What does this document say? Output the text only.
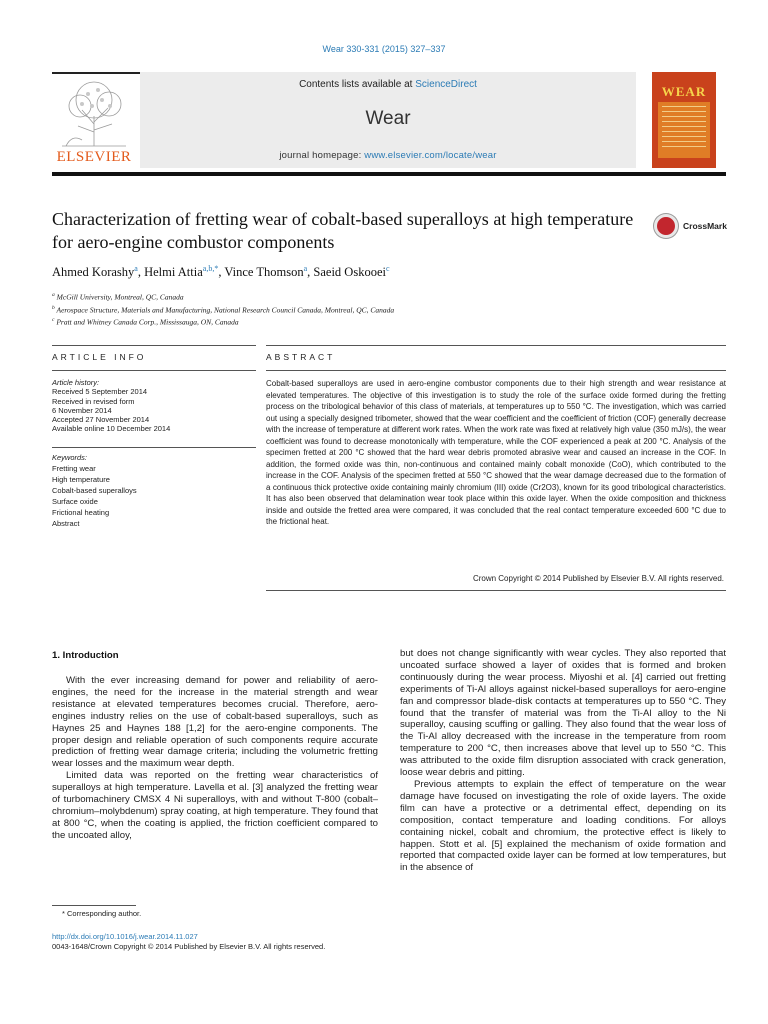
Wear 330-331 (2015) 327–337
ELSEVIER
Contents lists available at ScienceDirect
Wear
journal homepage: www.elsevier.com/locate/wear
WEAR
Characterization of fretting wear of cobalt-based superalloys at high temperature for aero-engine combustor components
CrossMark
Ahmed Korashy$^a$, Helmi Attia$^{a,b,*}$, Vince Thomson$^a$, Saeid Oskooei$^c$
$^a$ McGill University, Montreal, QC, Canada
$^b$ Aerospace Structure, Materials and Manufacturing, National Research Council Canada, Montreal, QC, Canada
$^c$ Pratt and Whitney Canada Corp., Mississauga, ON, Canada
ARTICLE INFO	ABSTRACT
Article history:
Received 5 September 2014
Received in revised form
6 November 2014
Accepted 27 November 2014
Available online 10 December 2014
Keywords:
Fretting wear
High temperature
Cobalt-based superalloys
Surface oxide
Frictional heating
Abstract
Cobalt-based superalloys are used in aero-engine combustor components due to their high strength and wear resistance at elevated temperatures. The objective of this investigation is to study the role of the surface oxide formed during the fretting process on the tribological behavior of this class of materials, at temperatures up to 550 °C. The investigation, which was carried out using a specially designed tribometer, showed that the wear coefficient and the coefficient of friction (COF) generally decrease with the increase of temperature at different work rates. When the work rate was fixed at relatively high value (350 mJ/s), the wear coefficient was found to decrease monotonically with temperature, while the COF experienced a peak at 200 °C. Analysis of the specimen fretted at 200 °C showed that the hard wear debris promoted abrasive wear and caused an increase in the COF. In addition, the formed oxide was thin, non-continuous and contained mainly cobalt monoxide (CoO), which contributed to the increase in the COF. Analysis of the specimen fretted at 550 °C showed that the wear damage decreased due to the formation of a continuous thick protective oxide containing mainly chromium (III) oxide (Cr2O3), known for its good tribological characteristics. It has also been observed that delamination wear took place within this oxide layer. When the oxide composition and thickness inside and outside the fretted area were compared, it was concluded that the real contact temperature exceeded 600 °C due to the frictional heat.
Crown Copyright © 2014 Published by Elsevier B.V. All rights reserved.
1. Introduction

With the ever increasing demand for power and reliability of aero-engines, the need for the increase in the material strength and wear resistance at elevated temperatures becomes crucial. Therefore, aero-engines industry relies on the use of cobalt-based superalloys, such as Haynes 25 and Haynes 188 [1,2] for the aero-engine components. The proper design and reliable operation of such components require accurate prediction of fretting wear damage criteria; including the volumetric fretting wear losses and the maximum wear depth.

Limited data was reported on the fretting wear characteristics of superalloys at high temperature. Lavella et al. [3] analyzed the fretting wear of turbomachinery CMSX 4 Ni superalloys, with and without T-800 (cobalt–chromium–molybdenum) spray coating, at high temperature. They found that at 800 °C, when the coating is applied, the friction coefficient compared to the uncoated alloy,

but does not change significantly with wear cycles. They also reported that uncoated surface showed a layer of oxides that is formed and broken continuously during the wear process. Miyoshi et al. [4] carried out fretting experiments of Ti-Al alloys against nickel-based superalloys for aero-engine fan and compressor blade-disk contacts at temperatures up to 550 °C. They found that the transfer of material was from the Ti-Al alloy to the Ni superalloy, causing scuffing or galling. They also found that the wear loss of the Ti-Al alloy decreased with the increase in the temperature from room temperature to 200 °C, then increases above that level up to 550 °C. This was attributed to the oxide film disruption associated with crack generation, loose wear debris and pitting.

Previous attempts to explain the effect of temperature on the wear damage have focused on investigating the role of oxide layers. The oxide film can have a protective or a detrimental effect, depending on its composition, contact temperature and loading conditions. For alloys containing nickel, cobalt and chromium, the protective effect is likely to happen. Stott et al. [5] explained the mechanism of oxide formation and reported that compacted oxide layer can be formed at low temperatures, but in the absence of

* Corresponding author.
http://dx.doi.org/10.1016/j.wear.2014.11.027
0043-1648/Crown Copyright © 2014 Published by Elsevier B.V. All rights reserved.
